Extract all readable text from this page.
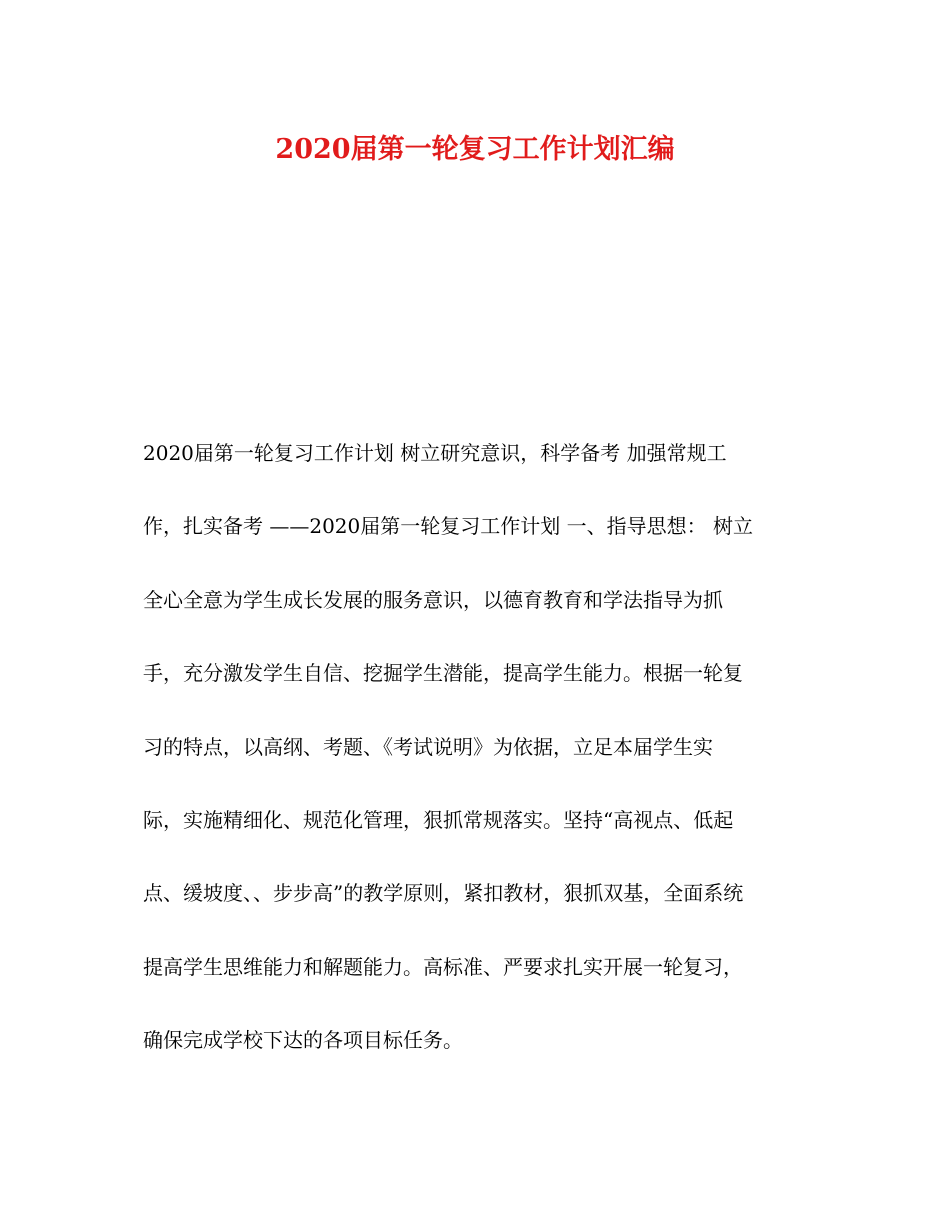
2020届第一轮复习工作计划汇编
2020届第一轮复习工作计划 树立研究意识，科学备考 加强常规工
作，扎实备考 ——2020届第一轮复习工作计划 一、指导思想： 树立
全心全意为学生成长发展的服务意识，以德育教育和学法指导为抓
手，充分激发学生自信、挖掘学生潜能，提高学生能力。根据一轮复
习的特点，以高纲、考题、《考试说明》为依据，立足本届学生实
际，实施精细化、规范化管理，狠抓常规落实。坚持“高视点、低起
点、缓坡度、、步步高”的教学原则，紧扣教材，狠抓双基，全面系统
提高学生思维能力和解题能力。高标准、严要求扎实开展一轮复习，
确保完成学校下达的各项目标任务。
